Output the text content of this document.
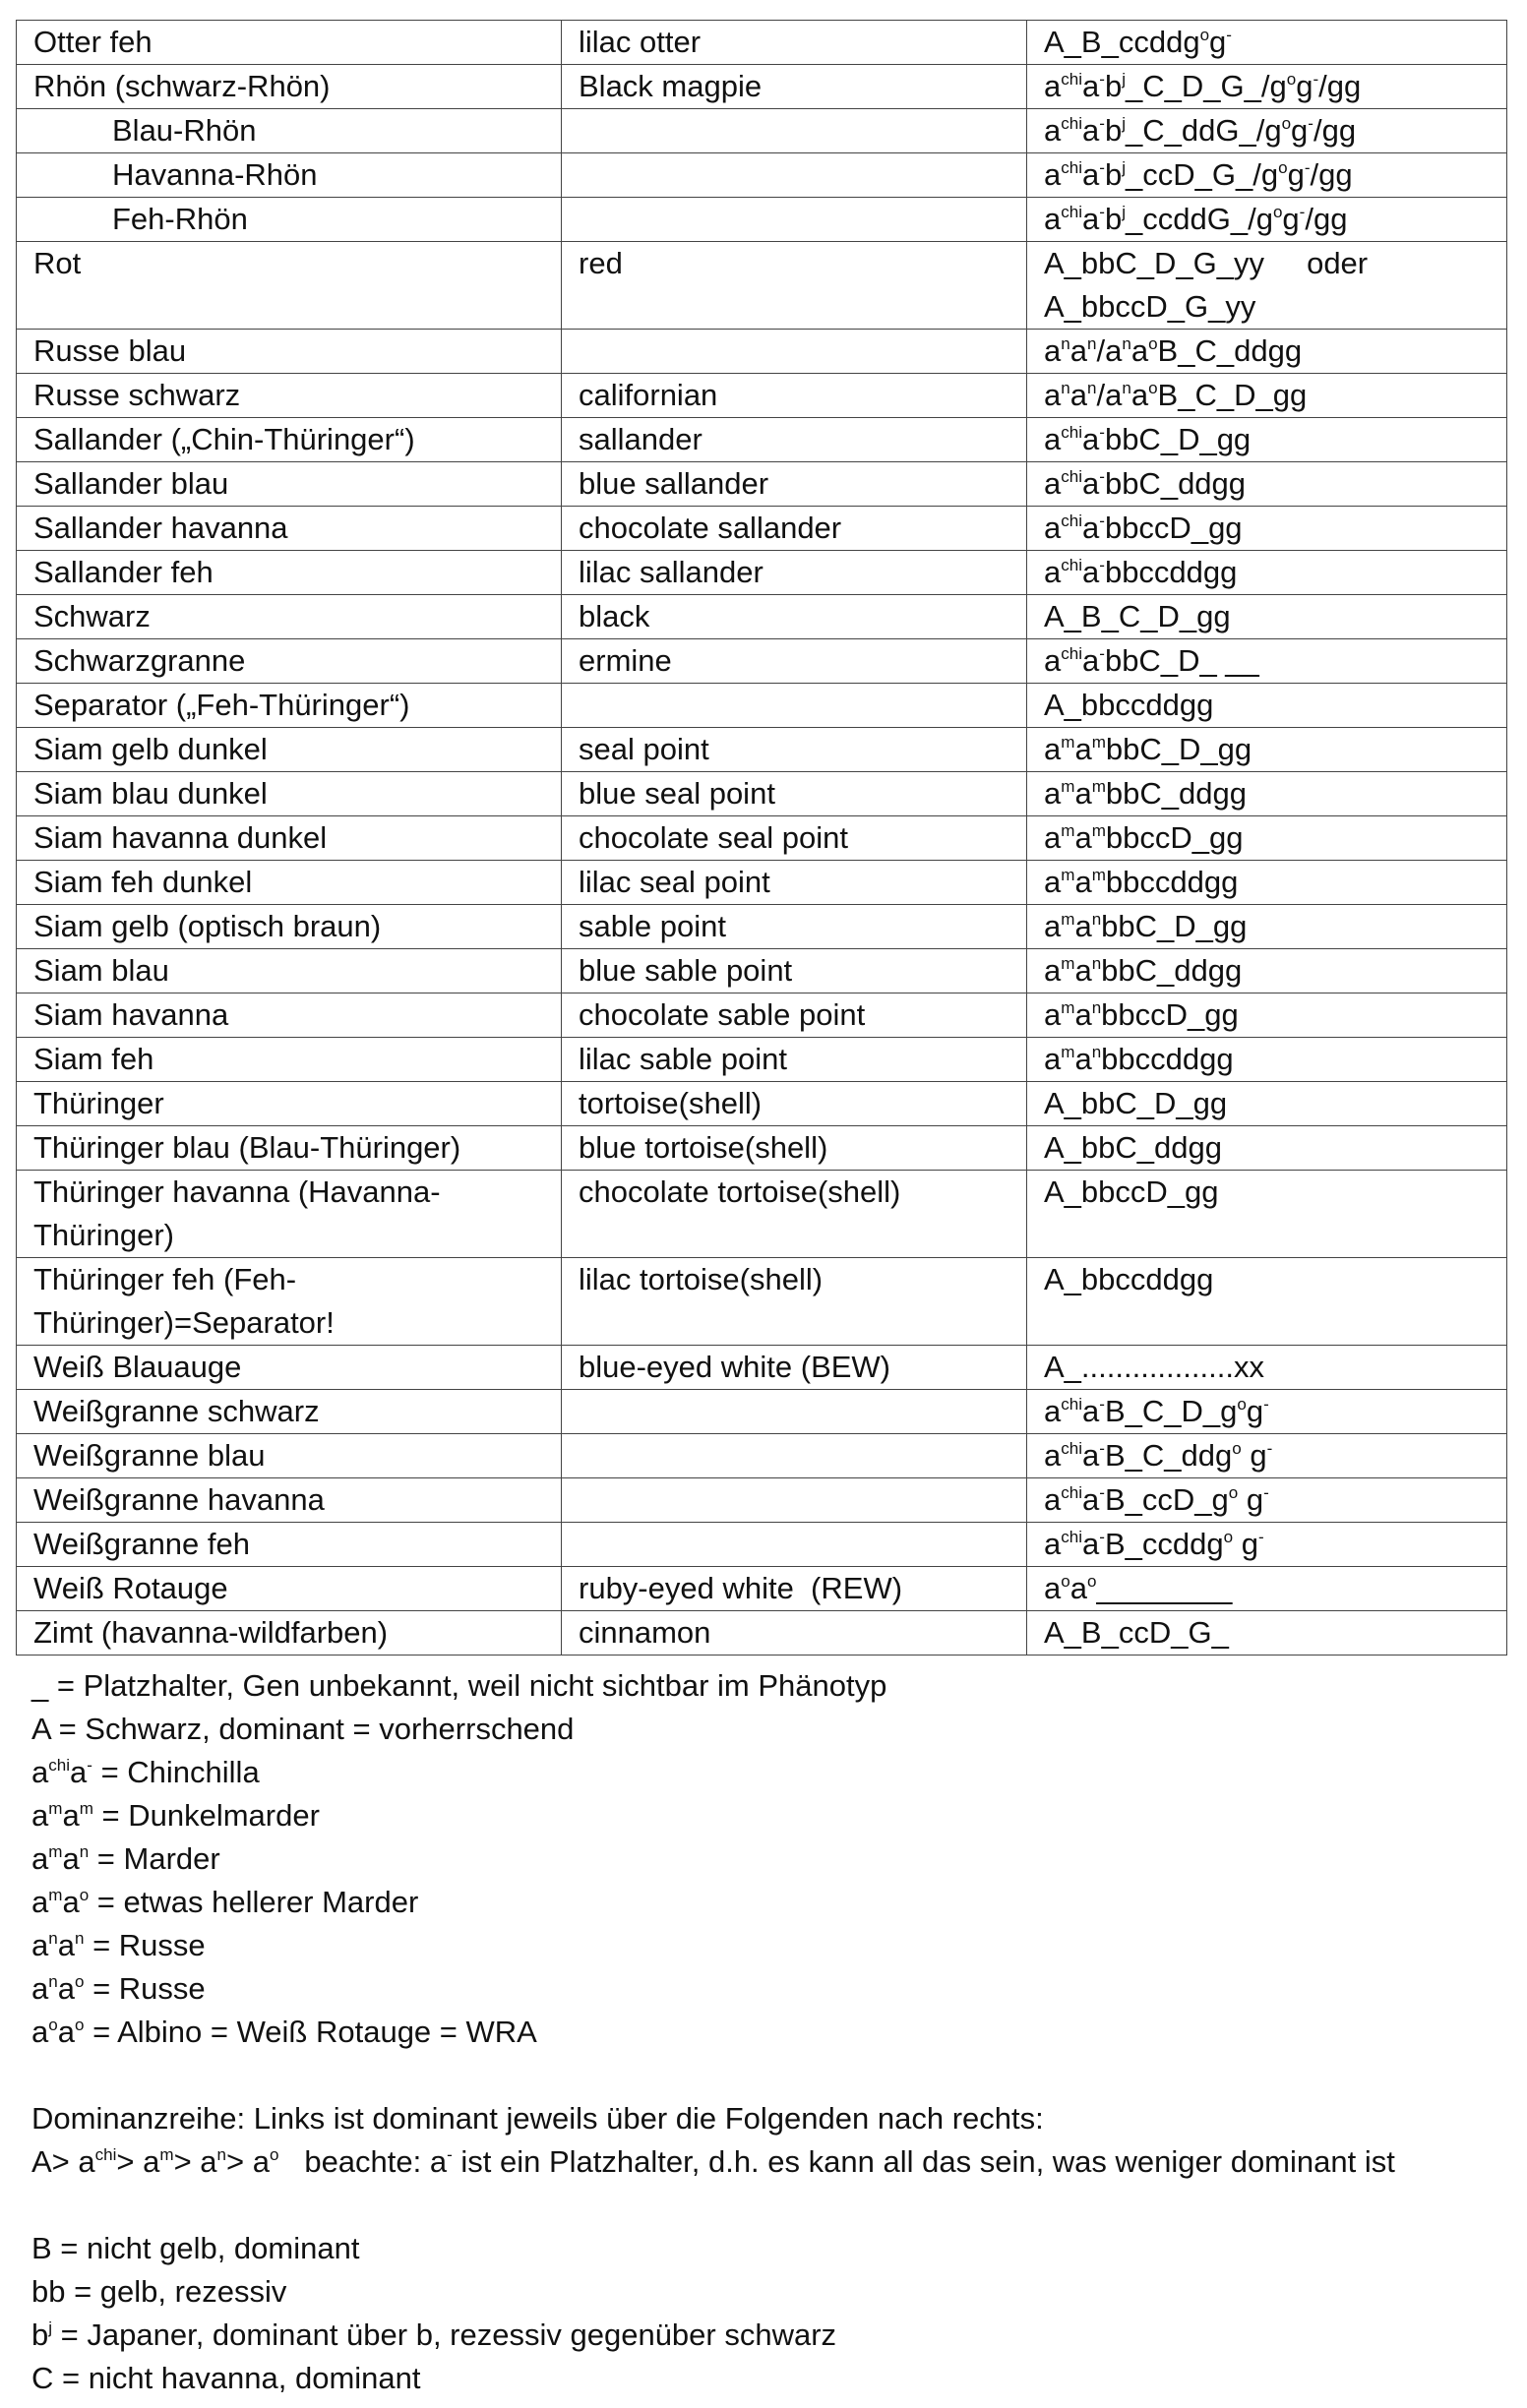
Otter feh	lilac otter	A_B_ccddg$^o$g-
Rhön (schwarz-Rhön)	Black magpie	$a^{chi}a^-b^j\_C\_D\_G\_/g^og^-/gg$
Blau-Rhön		$a^{chi}a^-b^j\_C\_ddG\_/g^og^-/gg$
Havanna-Rhön		$a^{chi}a^-b^j\_ccD\_G\_/g^og^-/gg$
Feh-Rhön		$a^{chi}a^-b^j\_ccddG\_/g^og^-/gg$
Rot	red	A_bbC_D_G_yy     oder
A_bbccD_G_yy
Russe blau		$a^na^n/a^na^oB\_C\_ddgg$
Russe schwarz	californian	$a^na^n/a^na^oB\_C\_D\_gg$
Sallander („Chin-Thüringer“)	sallander	$a^{chi}a^-bbC\_D\_gg$
Sallander blau	blue sallander	$a^{chi}a^-bbC\_ddgg$
Sallander havanna	chocolate sallander	$a^{chi}a^-bbccD\_gg$
Sallander feh	lilac sallander	$a^{chi}a^-bbccddgg$
Schwarz	black	A_B_C_D_gg
Schwarzgranne	ermine	$a^{chi}a^-bbC\_D\_$ __
Separator („Feh-Thüringer“)		A_bbccddgg
Siam gelb dunkel	seal point	$a^ma^mbbC\_D\_gg$
Siam blau dunkel	blue seal point	$a^ma^mbbC\_ddgg$
Siam havanna dunkel	chocolate seal point	$a^ma^mbbccD\_gg$
Siam feh dunkel	lilac seal point	$a^ma^mbbccddgg$
Siam gelb (optisch braun)	sable point	$a^ma^nbbC\_D\_gg$
Siam blau	blue sable point	$a^ma^nbbC\_ddgg$
Siam havanna	chocolate sable point	$a^ma^nbbccD\_gg$
Siam feh	lilac sable point	$a^ma^nbbccddgg$
Thüringer	tortoise(shell)	A_bbC_D_gg
Thüringer blau (Blau-Thüringer)	blue tortoise(shell)	A_bbC_ddgg
Thüringer havanna (Havanna-
Thüringer)	chocolate tortoise(shell)	A_bbccD_gg
Thüringer feh (Feh-
Thüringer)=Separator!	lilac tortoise(shell)	A_bbccddgg
Weiß Blauauge	blue-eyed white (BEW)	A_..................xx
Weißgranne schwarz		$a^{chi}a^-B\_C\_D\_g^og^-$
Weißgranne blau		$a^{chi}a^-B\_C\_ddg^o$ g-
Weißgranne havanna		$a^{chi}a^-B\_ccD\_g^o$ g-
Weißgranne feh		$a^{chi}a^-B\_ccddg^o$ g-
Weiß Rotauge	ruby-eyed white  (REW)	$a^oa^o\_\_\_\_\_\_\_\_$
Zimt (havanna-wildfarben)	cinnamon	A_B_ccD_G_

_ = Platzhalter, Gen unbekannt, weil nicht sichtbar im Phänotyp

A = Schwarz, dominant = vorherrschend

$a^{chi}a^-$ = Chinchilla

$a^ma^m$ = Dunkelmarder

$a^ma^n$ = Marder

$a^ma^o$ = etwas hellerer Marder

$a^na^n$ = Russe

$a^na^o$ = Russe

$a^oa^o$ = Albino = Weiß Rotauge = WRA

Dominanzreihe: Links ist dominant jeweils über die Folgenden nach rechts:

$A> a^{chi}> a^m> a^n> a^o$   beachte: a- ist ein Platzhalter, d.h. es kann all das sein, was weniger dominant ist

B = nicht gelb, dominant

bb = gelb, rezessiv

$b^j$ = Japaner, dominant über b, rezessiv gegenüber schwarz

C = nicht havanna, dominant
